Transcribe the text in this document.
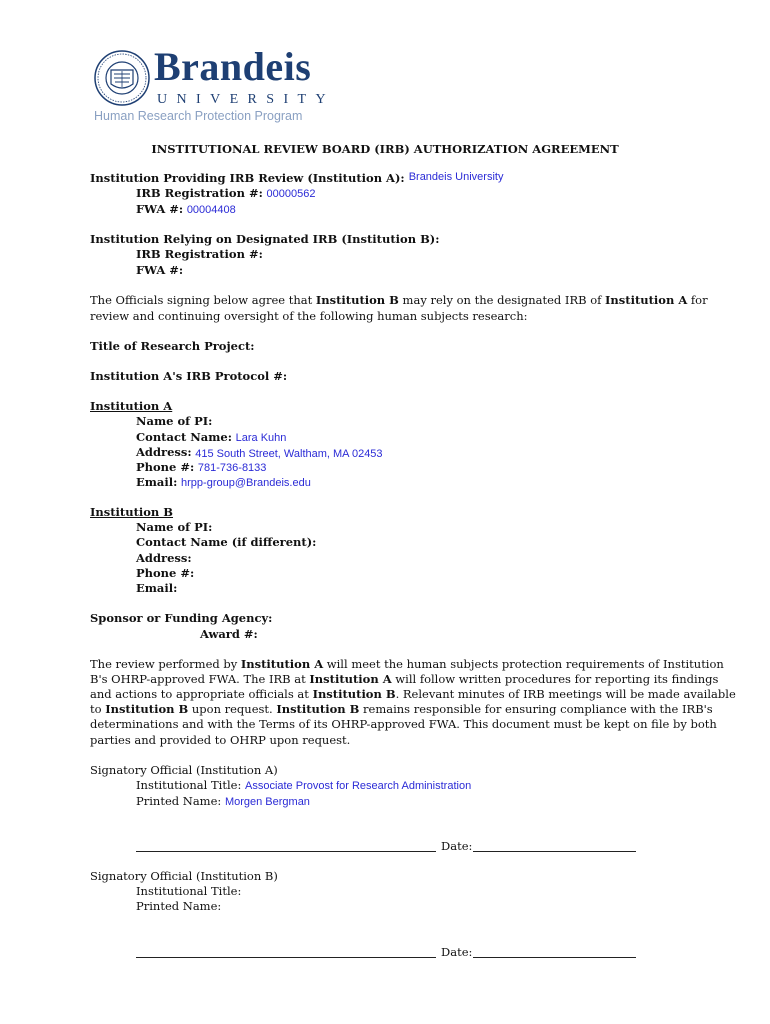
Brandeis
UNIVERSITY
Human Research Protection Program
INSTITUTIONAL REVIEW BOARD (IRB) AUTHORIZATION AGREEMENT
Institution Providing IRB Review (Institution A): Brandeis University
IRB Registration #: 00000562
FWA #: 00004408
Institution Relying on Designated IRB (Institution B):
IRB Registration #:
FWA #:
The Officials signing below agree that Institution B may rely on the designated IRB of Institution A for
review and continuing oversight of the following human subjects research:
Title of Research Project:
Institution A's IRB Protocol #:
Institution A
Name of PI:
Contact Name: Lara Kuhn
Address: 415 South Street, Waltham, MA 02453
Phone #: 781-736-8133
Email: hrpp-group@Brandeis.edu
Institution B
Name of PI:
Contact Name (if different):
Address:
Phone #:
Email:
Sponsor or Funding Agency:
Award #:
The review performed by Institution A will meet the human subjects protection requirements of Institution
B's OHRP-approved FWA. The IRB at Institution A will follow written procedures for reporting its findings
and actions to appropriate officials at Institution B. Relevant minutes of IRB meetings will be made available
to Institution B upon request. Institution B remains responsible for ensuring compliance with the IRB's
determinations and with the Terms of its OHRP-approved FWA. This document must be kept on file by both
parties and provided to OHRP upon request.
Signatory Official (Institution A)
Institutional Title: Associate Provost for Research Administration
Printed Name: Morgen Bergman
Date:
Signatory Official (Institution B)
Institutional Title:
Printed Name:
Date:
